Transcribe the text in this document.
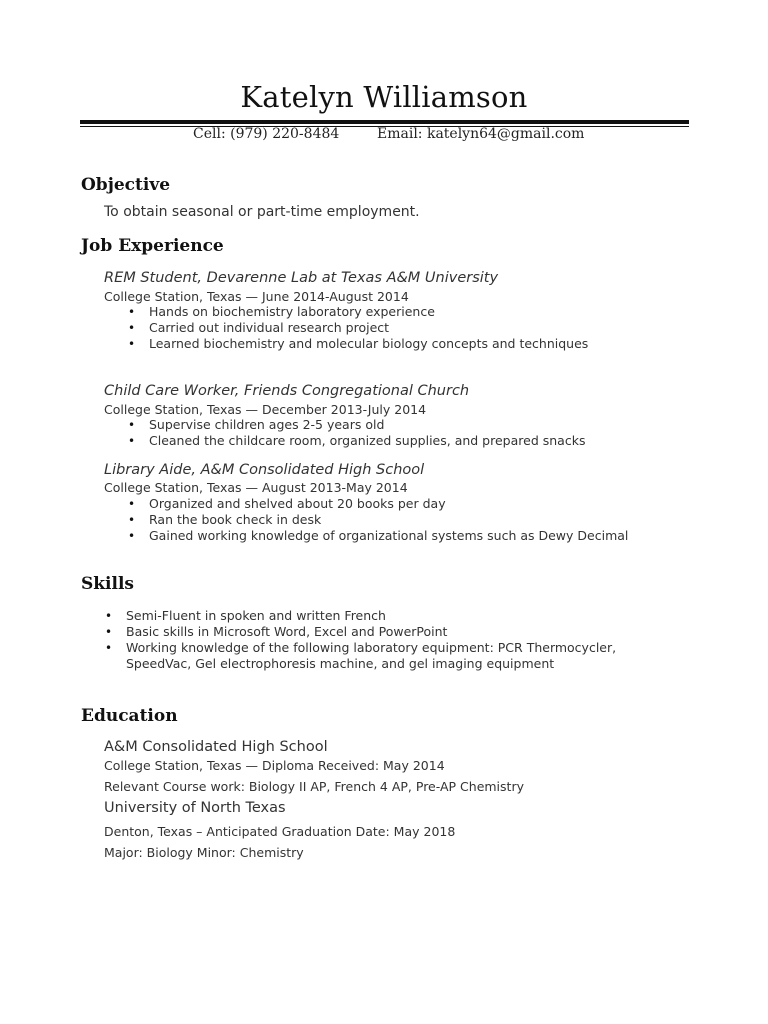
Katelyn Williamson
Cell: (979) 220-8484	Email: katelyn64@gmail.com
Objective
To obtain seasonal or part-time employment.
Job Experience
REM Student, Devarenne Lab at Texas A&M University
College Station, Texas — June 2014-August 2014
• Hands on biochemistry laboratory experience
• Carried out individual research project
• Learned biochemistry and molecular biology concepts and techniques
Child Care Worker, Friends Congregational Church
College Station, Texas — December 2013-July 2014
• Supervise children ages 2-5 years old
• Cleaned the childcare room, organized supplies, and prepared snacks
Library Aide, A&M Consolidated High School
College Station, Texas — August 2013-May 2014
• Organized and shelved about 20 books per day
• Ran the book check in desk
• Gained working knowledge of organizational systems such as Dewy Decimal
Skills
• Semi-Fluent in spoken and written French
• Basic skills in Microsoft Word, Excel and PowerPoint
• Working knowledge of the following laboratory equipment: PCR Thermocycler,
SpeedVac, Gel electrophoresis machine, and gel imaging equipment
Education
A&M Consolidated High School
College Station, Texas — Diploma Received: May 2014
Relevant Course work: Biology II AP, French 4 AP, Pre-AP Chemistry
University of North Texas
Denton, Texas – Anticipated Graduation Date: May 2018
Major: Biology Minor: Chemistry
